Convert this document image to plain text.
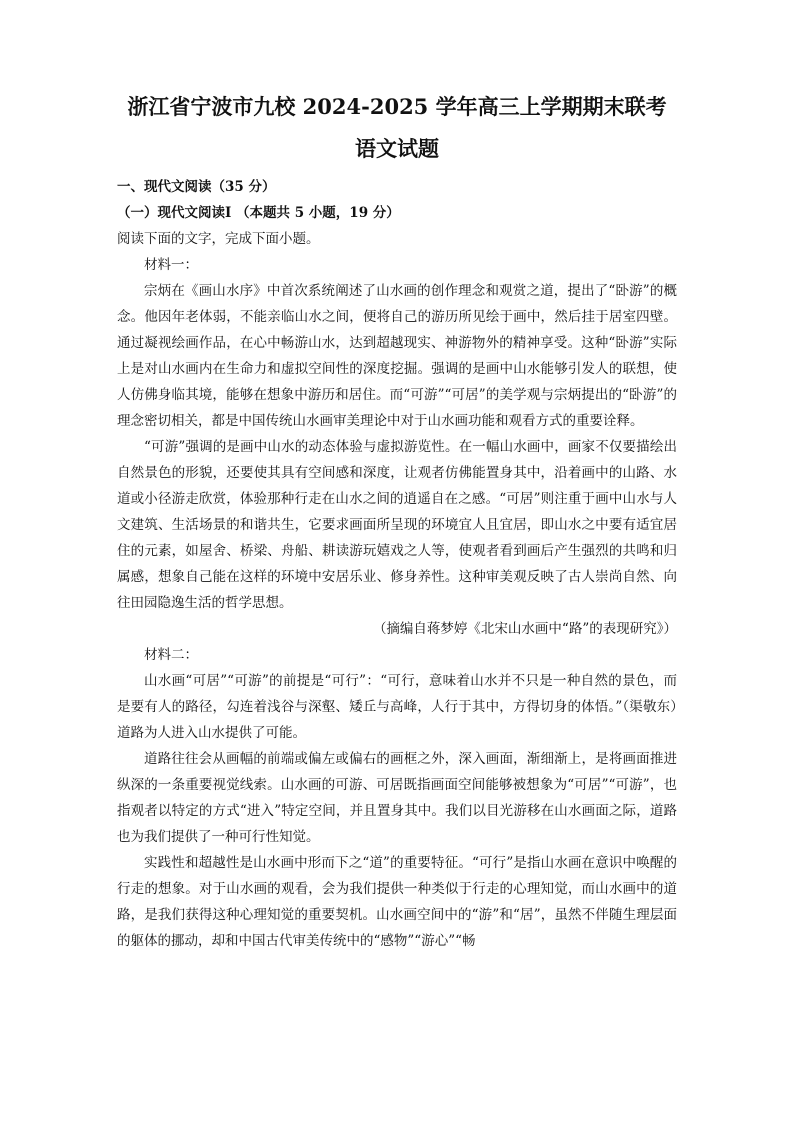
浙江省宁波市九校 2024-2025 学年高三上学期期末联考

语文试题

一、现代文阅读（35 分）

（一）现代文阅读Ⅰ （本题共 5 小题，19 分）

阅读下面的文字，完成下面小题。

材料一：

宗炳在《画山水序》中首次系统阐述了山水画的创作理念和观赏之道，提出了“卧游”的概念。他因年老体弱，不能亲临山水之间，便将自己的游历所见绘于画中，然后挂于居室四壁。通过凝视绘画作品，在心中畅游山水，达到超越现实、神游物外的精神享受。这种“卧游”实际上是对山水画内在生命力和虚拟空间性的深度挖掘。强调的是画中山水能够引发人的联想，使人仿佛身临其境，能够在想象中游历和居住。而“可游”“可居”的美学观与宗炳提出的“卧游”的理念密切相关，都是中国传统山水画审美理论中对于山水画功能和观看方式的重要诠释。

“可游”强调的是画中山水的动态体验与虚拟游览性。在一幅山水画中，画家不仅要描绘出自然景色的形貌，还要使其具有空间感和深度，让观者仿佛能置身其中，沿着画中的山路、水道或小径游走欣赏，体验那种行走在山水之间的逍遥自在之感。“可居”则注重于画中山水与人文建筑、生活场景的和谐共生，它要求画面所呈现的环境宜人且宜居，即山水之中要有适宜居住的元素，如屋舍、桥梁、舟船、耕读游玩嬉戏之人等，使观者看到画后产生强烈的共鸣和归属感，想象自己能在这样的环境中安居乐业、修身养性。这种审美观反映了古人崇尚自然、向往田园隐逸生活的哲学思想。

（摘编自蒋梦婷《北宋山水画中“路”的表现研究》）

材料二：

山水画“可居”“可游”的前提是“可行”：“可行，意味着山水并不只是一种自然的景色，而是要有人的路径，勾连着浅谷与深壑、矮丘与高峰，人行于其中，方得切身的体悟。”（渠敬东）道路为人进入山水提供了可能。

道路往往会从画幅的前端或偏左或偏右的画框之外，深入画面，渐细渐上，是将画面推进纵深的一条重要视觉线索。山水画的可游、可居既指画面空间能够被想象为“可居”“可游”，也指观者以特定的方式“进入”特定空间，并且置身其中。我们以目光游移在山水画面之际，道路也为我们提供了一种可行性知觉。

实践性和超越性是山水画中形而下之“道”的重要特征。“可行”是指山水画在意识中唤醒的行走的想象。对于山水画的观看，会为我们提供一种类似于行走的心理知觉，而山水画中的道路，是我们获得这种心理知觉的重要契机。山水画空间中的“游”和“居”，虽然不伴随生理层面的躯体的挪动，却和中国古代审美传统中的“感物”“游心”“畅
